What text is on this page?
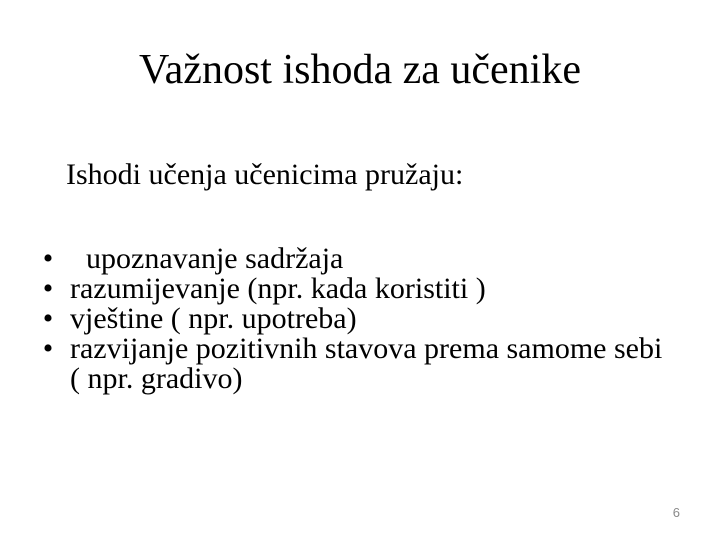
Važnost ishoda za učenike
Ishodi učenja učenicima pružaju:
• upoznavanje sadržaja
• razumijevanje (npr. kada koristiti )
• vještine ( npr. upotreba)
• razvijanje pozitivnih stavova prema samome sebi ( npr. gradivo)
6
